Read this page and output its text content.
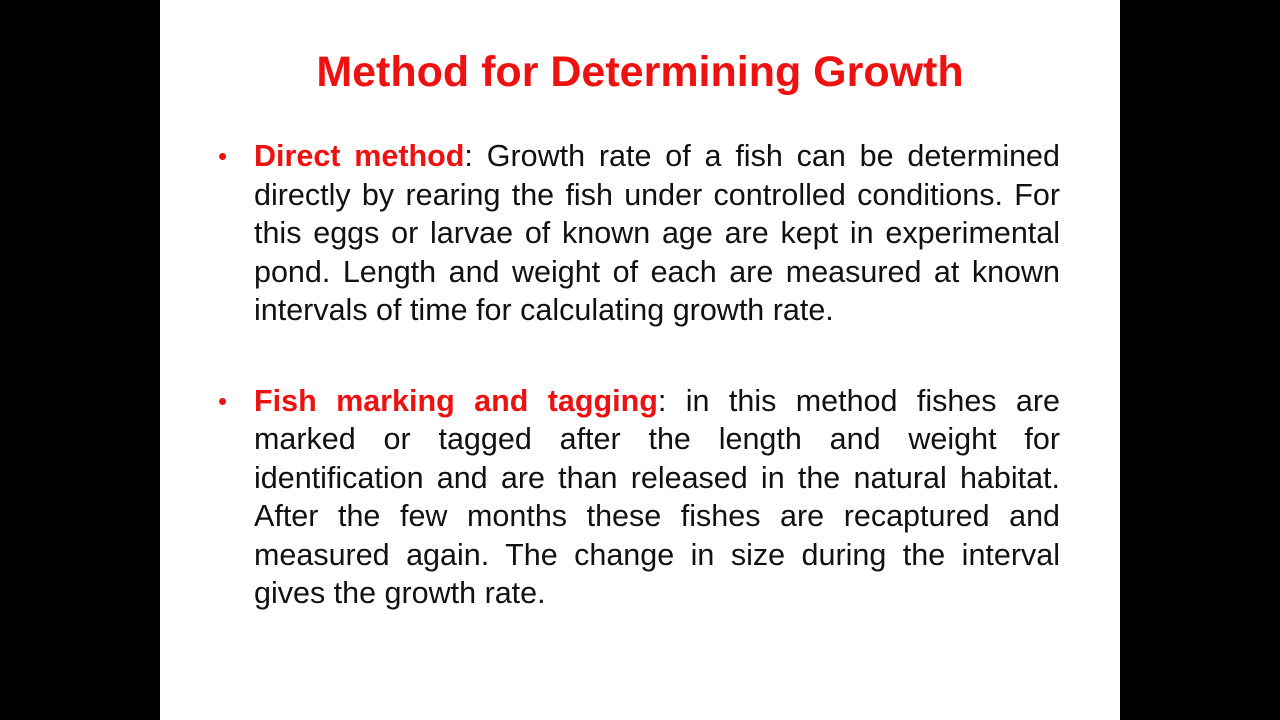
Method for Determining Growth
• Direct method: Growth rate of a fish can be determined directly by rearing the fish under controlled conditions. For this eggs or larvae of known age are kept in experimental pond. Length and weight of each are measured at known intervals of time for calculating growth rate.
• Fish marking and tagging: in this method fishes are marked or tagged after the length and weight for identification and are than released in the natural habitat. After the few months these fishes are recaptured and measured again. The change in size during the interval gives the growth rate.
